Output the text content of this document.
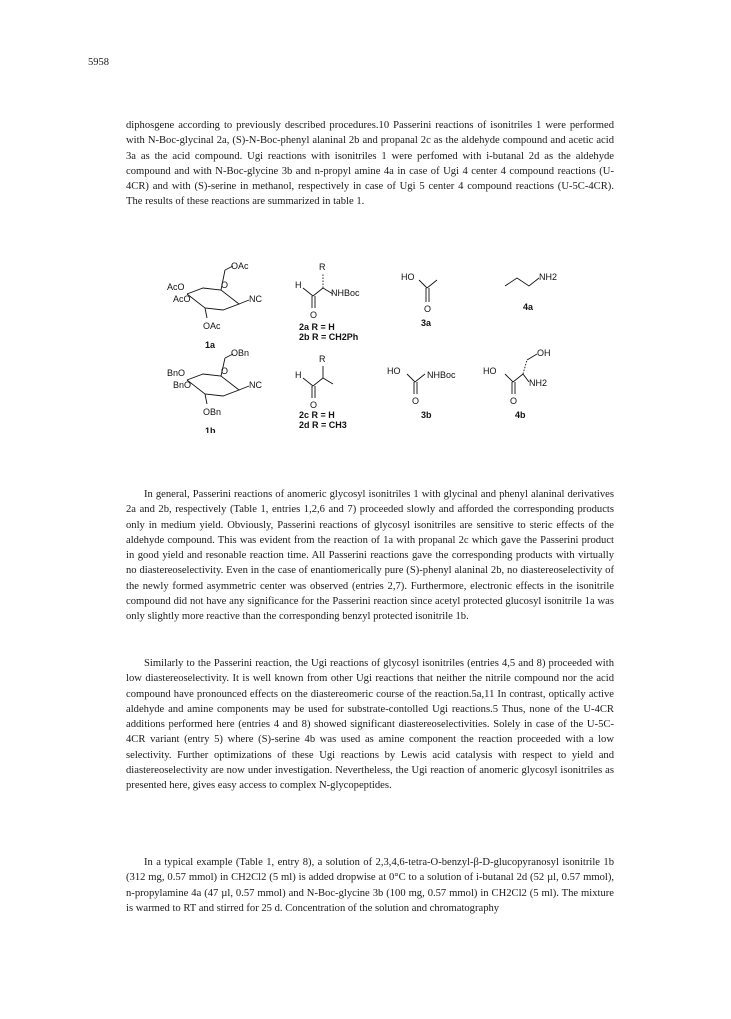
5958

diphosgene according to previously described procedures.10 Passerini reactions of isonitriles 1 were performed with N-Boc-glycinal 2a, (S)-N-Boc-phenyl alaninal 2b and propanal 2c as the aldehyde compound and acetic acid 3a as the acid compound. Ugi reactions with isonitriles 1 were perfomed with i-butanal 2d as the aldehyde compound and with N-Boc-glycine 3b and n-propyl amine 4a in case of Ugi 4 center 4 compound reactions (U-4CR) and with (S)-serine in methanol, respectively in case of Ugi 5 center 4 compound reactions (U-5C-4CR). The results of these reactions are summarized in table 1.

OAc
AcO
AcO
O
NC
OAc
1a
R
H
NHBoc
O
2a R = H
2b R = CH2Ph
HO
O
3a
NH2
4a
OBn
BnO
BnO
O
NC
OBn
1b
R
H
O
2c R = H
2d R = CH3
HO	NHBoc
O
3b
OH
HO
NH2
O
4b

In general, Passerini reactions of anomeric glycosyl isonitriles 1 with glycinal and phenyl alaninal derivatives 2a and 2b, respectively (Table 1, entries 1,2,6 and 7) proceeded slowly and afforded the corresponding products only in medium yield. Obviously, Passerini reactions of glycosyl isonitriles are sensitive to steric effects of the aldehyde compound. This was evident from the reaction of 1a with propanal 2c which gave the Passerini product in good yield and resonable reaction time. All Passerini reactions gave the corresponding products with virtually no diastereoselectivity. Even in the case of enantiomerically pure (S)-phenyl alaninal 2b, no diastereoselectivity of the newly formed asymmetric center was observed (entries 2,7). Furthermore, electronic effects in the isonitrile compound did not have any significance for the Passerini reaction since acetyl protected glucosyl isonitrile 1a was only slightly more reactive than the corresponding benzyl protected isonitrile 1b.

Similarly to the Passerini reaction, the Ugi reactions of glycosyl isonitriles (entries 4,5 and 8) proceeded with low diastereoselectivity. It is well known from other Ugi reactions that neither the nitrile compound nor the acid compound have pronounced effects on the diastereomeric course of the reaction.5a,11 In contrast, optically active aldehyde and amine components may be used for substrate-contolled Ugi reactions.5 Thus, none of the U-4CR additions performed here (entries 4 and 8) showed significant diastereoselectivities. Solely in case of the U-5C-4CR variant (entry 5) where (S)-serine 4b was used as amine component the reaction proceeded with a low selectivity. Further optimizations of these Ugi reactions by Lewis acid catalysis with respect to yield and diastereoselectivity are now under investigation. Nevertheless, the Ugi reaction of anomeric glycosyl isonitriles as presented here, gives easy access to complex N-glycopeptides.

In a typical example (Table 1, entry 8), a solution of 2,3,4,6-tetra-O-benzyl-β-D-glucopyranosyl isonitrile 1b (312 mg, 0.57 mmol) in CH2Cl2 (5 ml) is added dropwise at 0°C to a solution of i-butanal 2d (52 µl, 0.57 mmol), n-propylamine 4a (47 µl, 0.57 mmol) and N-Boc-glycine 3b (100 mg, 0.57 mmol) in CH2Cl2 (5 ml). The mixture is warmed to RT and stirred for 25 d. Concentration of the solution and chromatography
